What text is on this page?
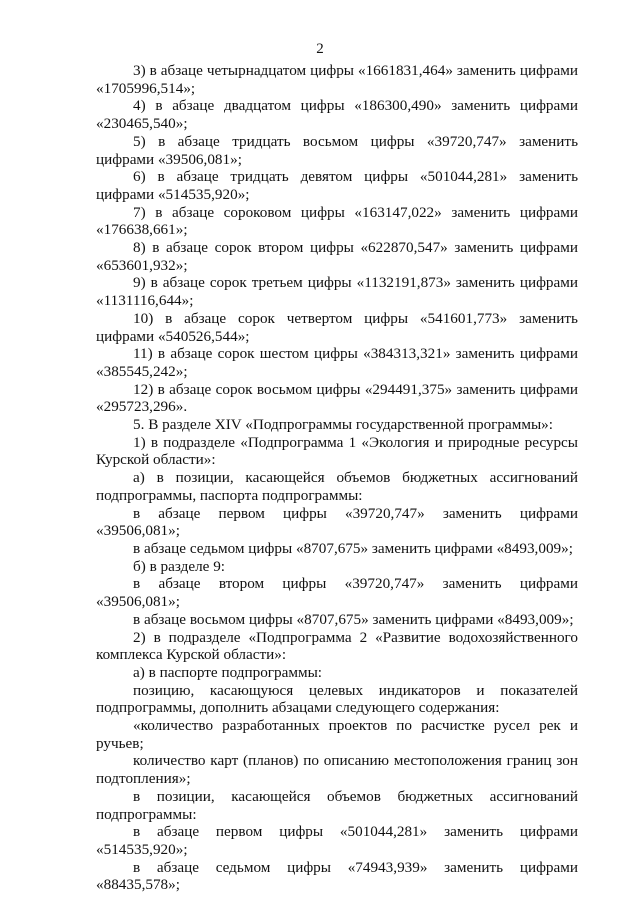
2

3) в абзаце четырнадцатом цифры «1661831,464» заменить цифрами «1705996,514»;

4) в абзаце двадцатом цифры «186300,490» заменить цифрами «230465,540»;

5) в абзаце тридцать восьмом цифры «39720,747» заменить цифрами «39506,081»;

6) в абзаце тридцать девятом цифры «501044,281» заменить цифрами «514535,920»;

7) в абзаце сороковом цифры «163147,022» заменить цифрами «176638,661»;

8) в абзаце сорок втором цифры «622870,547» заменить цифрами «653601,932»;

9) в абзаце сорок третьем цифры «1132191,873» заменить цифрами «1131116,644»;

10) в абзаце сорок четвертом цифры «541601,773» заменить цифрами «540526,544»;

11) в абзаце сорок шестом цифры «384313,321» заменить цифрами «385545,242»;

12) в абзаце сорок восьмом цифры «294491,375» заменить цифрами «295723,296».

5. В разделе XIV «Подпрограммы государственной программы»:

1) в подразделе «Подпрограмма 1 «Экология и природные ресурсы Курской области»:

а) в позиции, касающейся объемов бюджетных ассигнований подпрограммы, паспорта подпрограммы:

в абзаце первом цифры «39720,747» заменить цифрами «39506,081»;

в абзаце седьмом цифры «8707,675» заменить цифрами «8493,009»;

б) в разделе 9:

в абзаце втором цифры «39720,747» заменить цифрами «39506,081»;

в абзаце восьмом цифры «8707,675» заменить цифрами «8493,009»;

2) в подразделе «Подпрограмма 2 «Развитие водохозяйственного комплекса Курской области»:

а) в паспорте подпрограммы:

позицию, касающуюся целевых индикаторов и показателей подпрограммы, дополнить абзацами следующего содержания:

«количество разработанных проектов по расчистке русел рек и ручьев;

количество карт (планов) по описанию местоположения границ зон подтопления»;

в позиции, касающейся объемов бюджетных ассигнований подпрограммы:

в абзаце первом цифры «501044,281» заменить цифрами «514535,920»;

в абзаце седьмом цифры «74943,939» заменить цифрами «88435,578»;
